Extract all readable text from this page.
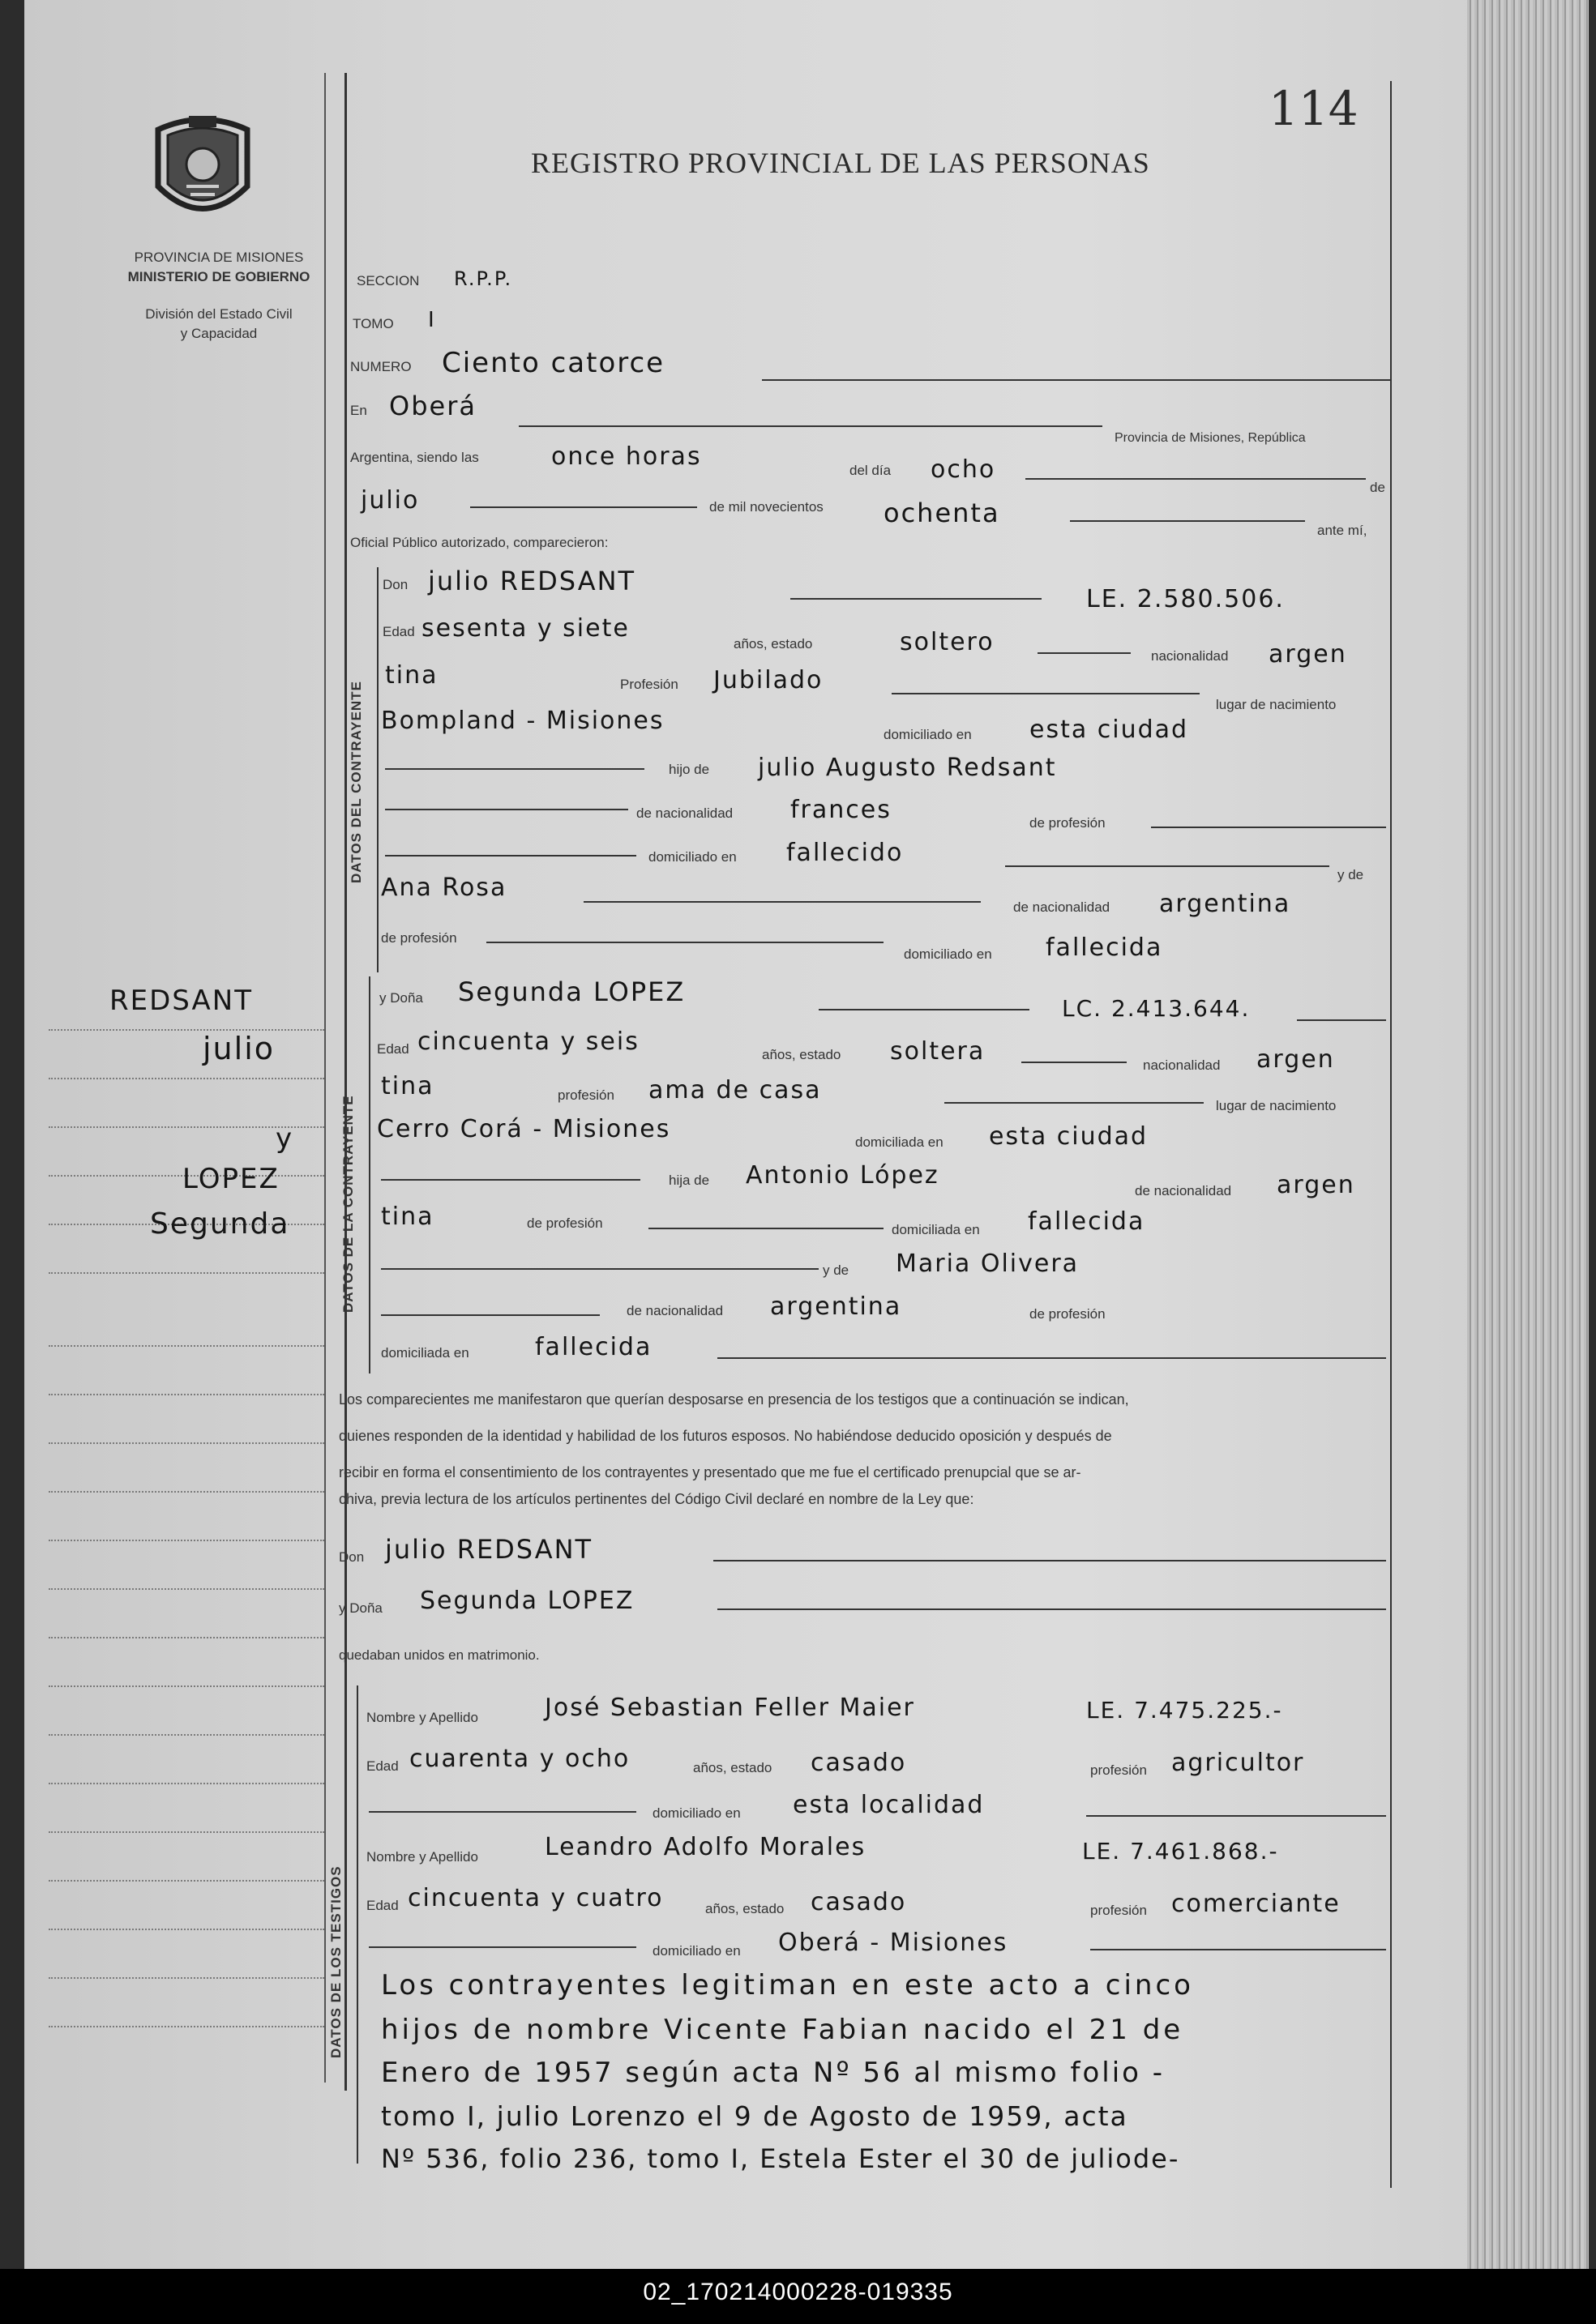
114
REGISTRO PROVINCIAL DE LAS PERSONAS
PROVINCIA DE MISIONES
MINISTERIO DE GOBIERNO
División del Estado Civil
y Capacidad
REDSANT
julio
y
LOPEZ
Segunda
SECCION R.P.P.
TOMO I
NUMERO Ciento catorce
En Oberá
Provincia de Misiones, República
Argentina, siendo las	once horas	del día ocho
de
julio	de mil novecientos ochenta
ante mí,
Oficial Público autorizado, comparecieron:
DATOS DEL CONTRAYENTE
Don julio REDSANT
LE. 2.580.506.
Edad sesenta y siete
años, estado	soltero	nacionalidad argen
tina	Profesión Jubilado
lugar de nacimiento
Bompland - Misiones	domiciliado en esta ciudad
hijo de julio Augusto Redsant
de nacionalidad frances	de profesión
domiciliado en fallecido
y de
Ana Rosa
de nacionalidad argentina
de profesión
domiciliado en fallecida
DATOS DE LA CONTRAYENTE
y Doña Segunda LOPEZ
LC. 2.413.644.
Edad cincuenta y seis	años, estado soltera	nacionalidad argen
tina	profesión ama de casa
lugar de nacimiento
Cerro Corá - Misiones	domiciliada en esta ciudad
hija de Antonio López
de nacionalidad argen
tina	de profesión	domiciliada en fallecida
y de Maria Olivera
de nacionalidad argentina	de profesión
domiciliada en	fallecida
Los comparecientes me manifestaron que querían desposarse en presencia de los testigos que a continuación se indican,
quienes responden de la identidad y habilidad de los futuros esposos. No habiéndose deducido oposición y después de
recibir en forma el consentimiento de los contrayentes y presentado que me fue el certificado prenupcial que se ar-
chiva, previa lectura de los artículos pertinentes del Código Civil declaré en nombre de la Ley que:
Don julio REDSANT
y Doña Segunda LOPEZ
quedaban unidos en matrimonio.
DATOS DE LOS TESTIGOS
Nombre y Apellido	José Sebastian Feller Maier	LE. 7.475.225.-
Edad cuarenta y ocho	años, estado casado	profesión agricultor
domiciliado en esta localidad
Nombre y Apellido	Leandro Adolfo Morales	LE. 7.461.868.-
Edad cincuenta y cuatro	años, estado casado	profesión comerciante
domiciliado en Oberá - Misiones
Los contrayentes legitiman en este acto a cinco
hijos de nombre Vicente Fabian nacido el 21 de
Enero de 1957 según acta Nº 56 al mismo folio -
tomo I, julio Lorenzo el 9 de Agosto de 1959, acta
Nº 536, folio 236, tomo I, Estela Ester el 30 de juliode-
02_170214000228-019335
